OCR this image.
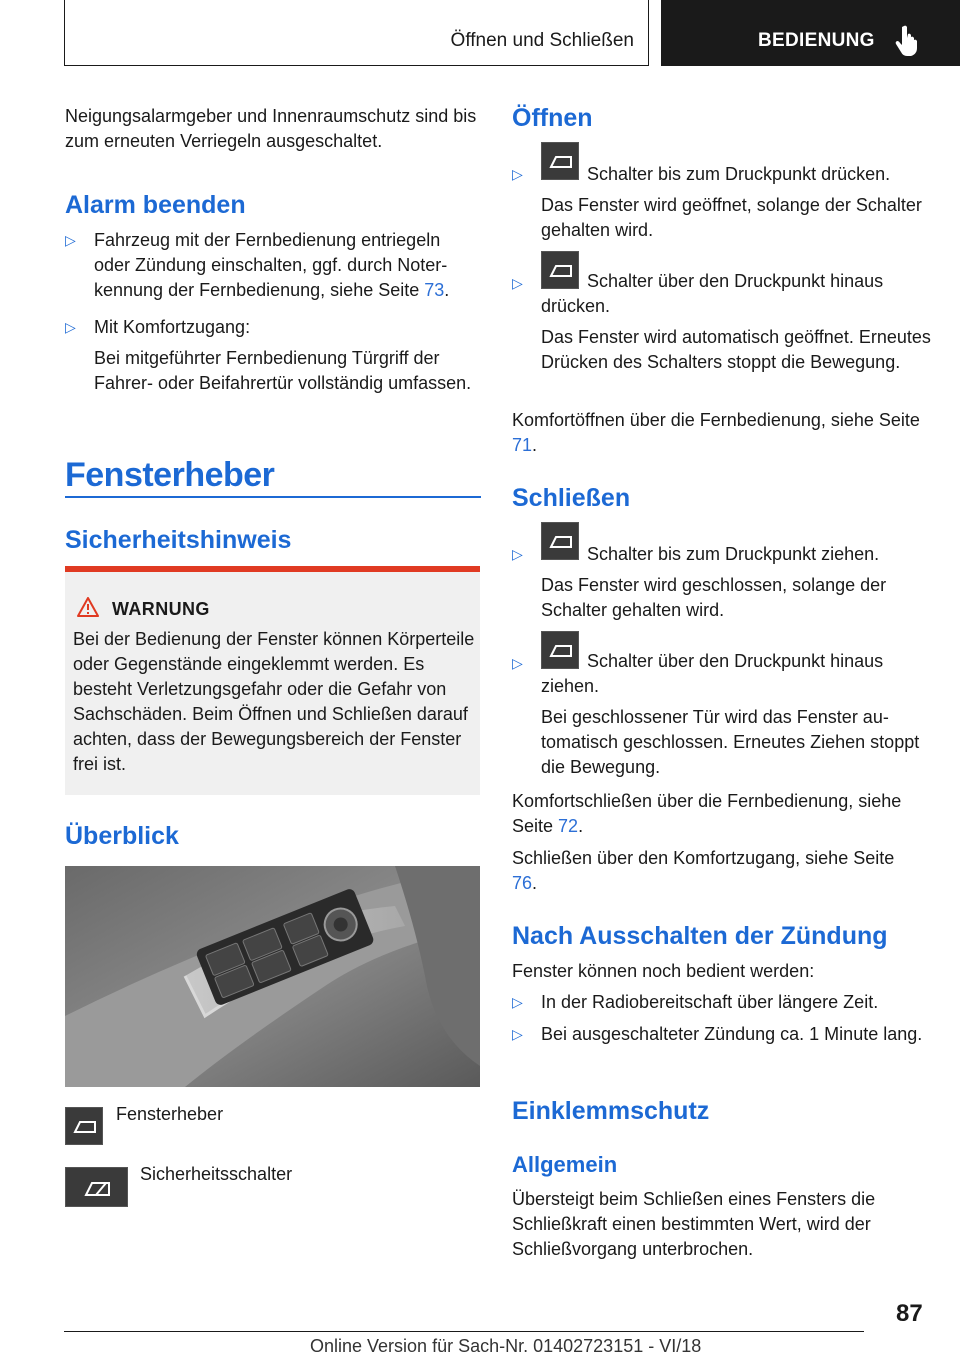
Öffnen und Schließen	BEDIENUNG

Neigungsalarmgeber und Innenraumschutz sind bis zum erneuten Verriegeln ausgeschaltet.

Alarm beenden
▷ Fahrzeug mit der Fernbedienung entriegeln oder Zündung einschalten, ggf. durch Noterkennung der Fernbedienung, siehe Seite 73.
▷ Mit Komfortzugang:
Bei mitgeführter Fernbedienung Türgriff der Fahrer- oder Beifahrertür vollständig umfassen.
Fensterheber
Sicherheitshinweis
WARNUNG
Bei der Bedienung der Fenster können Körperteile oder Gegenstände eingeklemmt werden. Es besteht Verletzungsgefahr oder die Gefahr von Sachschäden. Beim Öffnen und Schließen darauf achten, dass der Bewegungsbereich der Fenster frei ist.
Überblick
Fensterheber
Sicherheitsschalter
Öffnen
▷	Schalter bis zum Druckpunkt drücken.
Das Fenster wird geöffnet, solange der Schalter gehalten wird.
▷	Schalter über den Druckpunkt hinaus drücken.
Das Fenster wird automatisch geöffnet. Erneutes Drücken des Schalters stoppt die Bewegung.

Komfortöffnen über die Fernbedienung, siehe Seite 71.

Schließen
▷	Schalter bis zum Druckpunkt ziehen.
Das Fenster wird geschlossen, solange der Schalter gehalten wird.
▷	Schalter über den Druckpunkt hinaus ziehen.
Bei geschlossener Tür wird das Fenster automatisch geschlossen. Erneutes Ziehen stoppt die Bewegung.

Komfortschließen über die Fernbedienung, siehe Seite 72.

Schließen über den Komfortzugang, siehe Seite 76.

Nach Ausschalten der Zündung

Fenster können noch bedient werden:

▷ In der Radiobereitschaft über längere Zeit.
▷ Bei ausgeschalteter Zündung ca. 1 Minute lang.
Einklemmschutz
Allgemein

Übersteigt beim Schließen eines Fensters die Schließkraft einen bestimmten Wert, wird der Schließvorgang unterbrochen.

87
Online Version für Sach-Nr. 01402723151 - VI/18
